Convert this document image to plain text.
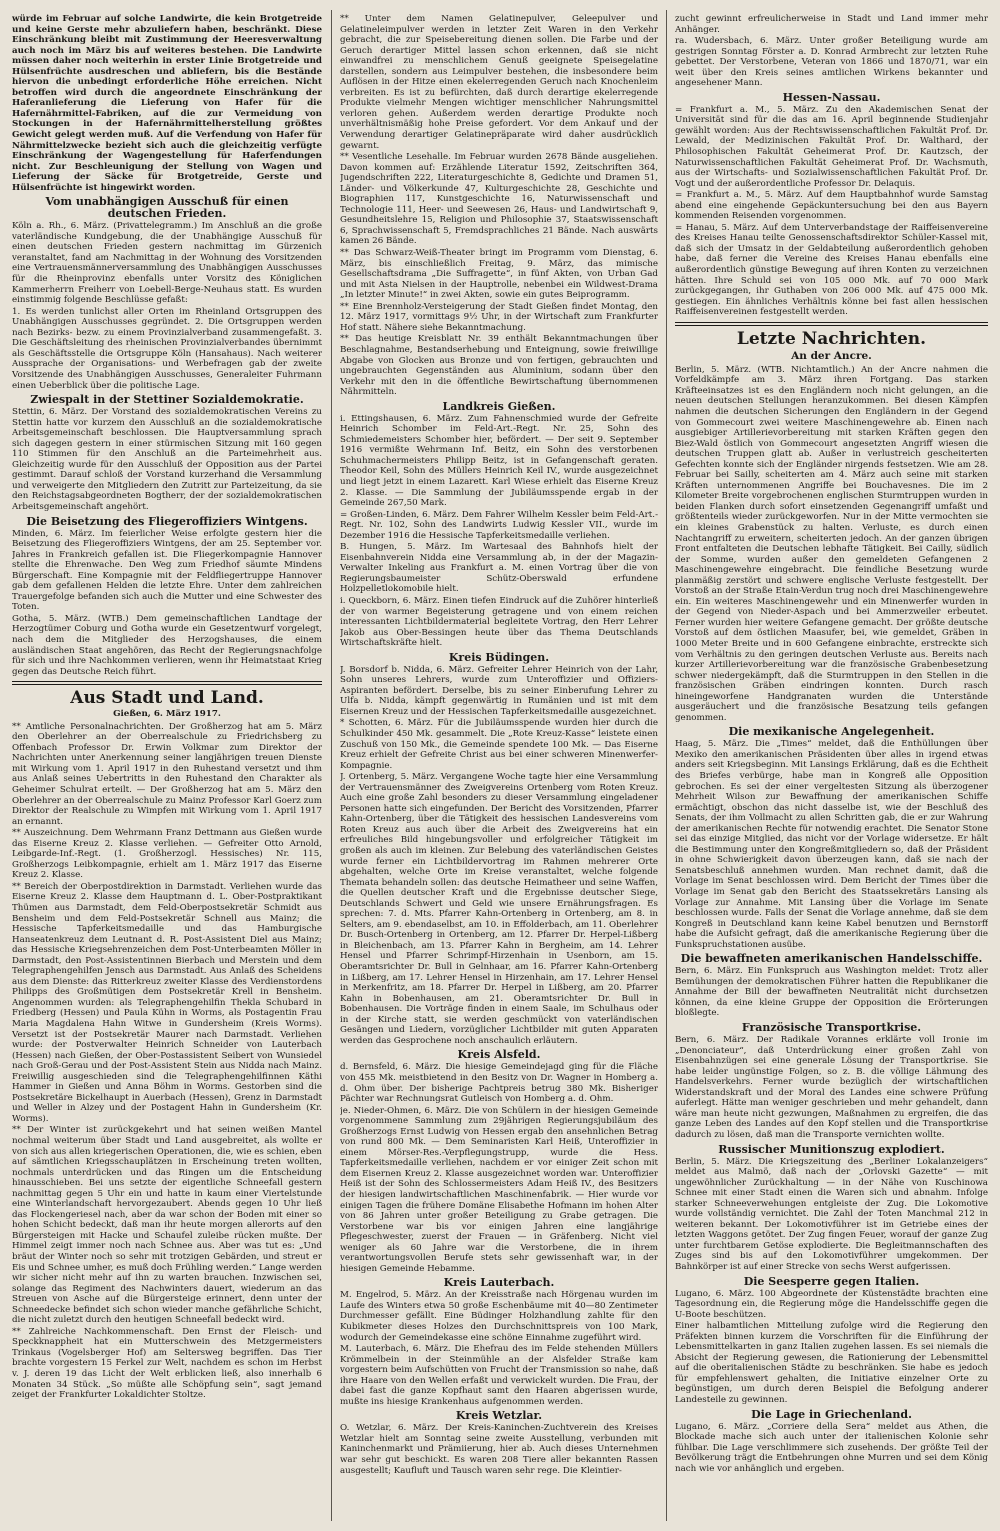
würde im Februar auf solche Landwirte, die kein Brotgetreide und keine Gerste mehr abzuliefern haben, beschränkt. Diese Einschränkung bleibt mit Zustimmung der Heeresverwaltung auch noch im März bis auf weiteres bestehen. Die Landwirte müssen daher noch weiterhin in erster Linie Brotgetreide und Hülsenfrüchte ausdreschen und abliefern, bis die Bestände hiervon die unbedingt erforderliche Höhe erreichen. Nicht betroffen wird durch die angeordnete Einschränkung der Haferanlieferung die Lieferung von Hafer für die Hafernährmittel-Fabriken, auf die zur Vermeidung von Stockungen in der Hafernährmittelherstellung größtes Gewicht gelegt werden muß. Auf die Verfendung von Hafer für Nährmittelzwecke bezieht sich auch die gleichzeitig verfügte Einschränkung der Wagengestellung für Haferfendungen nicht. Zur Beschleunigung der Stellung von Wagen und Lieferung der Säcke für Brotgetreide, Gerste und Hülsenfrüchte ist hingewirkt worden.

Vom unabhängigen Ausschuß für einen deutschen Frieden.

Köln a. Rh., 6. März. (Privattelegramm.) Im Anschluß an die große vaterländische Kundgebung, die der Unabhängige Ausschuß für einen deutschen Frieden gestern nachmittag im Gürzenich veranstaltet, fand am Nachmittag in der Wohnung des Vorsitzenden eine Vertrauensmännerversammlung des Unabhängigen Ausschusses für die Rheinprovinz ebenfalls unter Vorsitz des Königlichen Kammerherrn Freiherr von Loebell-Berge-Neuhaus statt. Es wurden einstimmig folgende Beschlüsse gefaßt:

1. Es werden tunlichst aller Orten im Rheinland Ortsgruppen des Unabhängigen Ausschusses gegründet. 2. Die Ortsgruppen werden nach Bezirks- bezw. zu einem Provinzialverband zusammengefaßt. 3. Die Geschäftsleitung des rheinischen Provinzialverbandes übernimmt als Geschäftsstelle die Ortsgruppe Köln (Hansahaus). Nach weiterer Aussprache der Organisations- und Werbefragen gab der zweite Vorsitzende des Unabhängigen Ausschusses, Generaleiter Fuhrmann einen Ueberblick über die politische Lage.

Zwiespalt in der Stettiner Sozialdemokratie.

Stettin, 6. März. Der Vorstand des sozialdemokratischen Vereins zu Stettin hatte vor kurzem den Ausschluß an die sozialdemokratische Arbeitsgemeinschaft beschlossen. Die Hauptversammlung sprach sich dagegen gestern in einer stürmischen Sitzung mit 160 gegen 110 Stimmen für den Anschluß an die Parteimehrheit aus. Gleichzeitig wurde für den Ausschluß der Opposition aus der Partei gestimmt. Darauf schloß der Vorstand kurzerhand die Versammlung und verweigerte den Mitgliedern den Zutritt zur Parteizeitung, da sie den Reichstagsabgeordneten Bogtherr, der der sozialdemokratischen Arbeitsgemeinschaft angehört.

Die Beisetzung des Fliegeroffiziers Wintgens.

Minden, 6. März. Im feierlicher Weise erfolgte gestern hier die Beisetzung des Fliegeroffiziers Wintgens, der am 25. September vor. Jahres in Frankreich gefallen ist. Die Fliegerkompagnie Hannover stellte die Ehrenwache. Den Weg zum Friedhof säumte Mindens Bürgerschaft. Eine Kompagnie mit der Feldfliegertruppe Hannover gab dem gefallenen Helden die letzte Ehre. Unter dem zahlreichen Trauergefolge befanden sich auch die Mutter und eine Schwester des Toten.

Gotha, 5. März. (WTB.) Dem gemeinschaftlichen Landtage der Herzogtümer Coburg und Gotha wurde ein Gesetzentwurf vorgelegt, nach dem die Mitglieder des Herzogshauses, die einem ausländischen Staat angehören, das Recht der Regierungsnachfolge für sich und ihre Nachkommen verlieren, wenn ihr Heimatstaat Krieg gegen das Deutsche Reich führt.

Aus Stadt und Land.
Gießen, 6. März 1917.

** Amtliche Personalnachrichten. Der Großherzog hat am 5. März den Oberlehrer an der Oberrealschule zu Friedrichsberg zu Offenbach Professor Dr. Erwin Volkmar zum Direktor der Nachrichten unter Anerkennung seiner langjährigen treuen Dienste mit Wirkung vom 1. April 1917 in den Ruhestand versetzt und ihm aus Anlaß seines Uebertritts in den Ruhestand den Charakter als Geheimer Schulrat erteilt. — Der Großherzog hat am 5. März den Oberlehrer an der Oberrealschule zu Mainz Professor Karl Goerz zum Direktor der Realschule zu Wimpfen mit Wirkung vom 1. April 1917 an ernannt.

** Auszeichnung. Dem Wehrmann Franz Dettmann aus Gießen wurde das Eiserne Kreuz 2. Klasse verliehen. — Gefreiter Otto Arnold, Leibgarde-Inf.-Regt. (1. Großherzogl. Hessisches) Nr. 115, Großherzogs Leibkompagnie, erhielt am 1. März 1917 das Eiserne Kreuz 2. Klasse.

** Bereich der Oberpostdirektion in Darmstadt. Verliehen wurde das Eiserne Kreuz 2. Klasse dem Hauptmann d. L. Ober-Postpraktikant Thümen aus Darmstadt, dem Feld-Oberpostsekretär Schmidt aus Bensheim und dem Feld-Postsekretär Schnell aus Mainz; die Hessische Tapferkeitsmedaille und das Hamburgische Hanseatenkreuz dem Leutnant d. R. Post-Assistent Diel aus Mainz; das Hessische Kriegsehrenzeichen dem Post-Unterbeamten Möller in Darmstadt, den Post-Assistentinnen Bierbach und Merstein und dem Telegraphengehilfen Jensch aus Darmstadt. Aus Anlaß des Scheidens aus dem Dienste: das Ritterkreuz zweiter Klasse des Verdienstordens Philipps des Großmütigen dem Postsekretär Krell in Bensheim. Angenommen wurden: als Telegraphengehilfin Thekla Schubard in Friedberg (Hessen) und Paula Kühn in Worms, als Postagentin Frau Maria Magdalena Hahn Witwe in Gundersheim (Kreis Worms). Versetzt ist der Postsekretär Maurer nach Darmstadt. Verliehen wurde: der Postverwalter Heinrich Schneider von Lauterbach (Hessen) nach Gießen, der Ober-Postassistent Seibert von Wunsiedel nach Groß-Gerau und der Post-Assistent Stein aus Nidda nach Mainz. Freiwillig ausgeschieden sind die Telegraphengehilfinnen Käthi Hammer in Gießen und Anna Böhm in Worms. Gestorben sind die Postsekretäre Bickelhaupt in Auerbach (Hessen), Grenz in Darmstadt und Weller in Alzey und der Postagent Hahn in Gundersheim (Kr. Worms).

** Der Winter ist zurückgekehrt und hat seinen weißen Mantel nochmal weiterum über Stadt und Land ausgebreitet, als wollte er von sich aus allen kriegerischen Operationen, die, wie es schien, eben auf sämtlichen Kriegsschauplätzen in Erscheinung treten wollten, nochmals unterdrücken und das Ringen um die Entscheidung hinausschieben. Bei uns setzte der eigentliche Schneefall gestern nachmittag gegen 5 Uhr ein und hatte in kaum einer Viertelstunde eine Winterlandschaft hervorgezaubert. Abends gegen 10 Uhr ließ das Flockengeriesel nach, aber da war schon der Boden mit einer so hohen Schicht bedeckt, daß man ihr heute morgen allerorts auf den Bürgersteigen mit Hacke und Schaufel zuleibe rücken mußte. Der Himmel zeigt immer noch nach Schnee aus. Aber was tut es: „Und bräut der Winter noch so sehr mit trotzigen Gebärden, und streut er Eis und Schnee umher, es muß doch Frühling werden.“ Lange werden wir sicher nicht mehr auf ihn zu warten brauchen. Inzwischen sei, solange das Regiment des Nachwinters dauert, wiederum an das Streuen von Asche auf die Bürgersteige erinnert, denn unter der Schneedecke befindet sich schon wieder manche gefährliche Schicht, die nicht zuletzt durch den heutigen Schneefall bedeckt wird.

** Zahlreiche Nachkommenschaft. Den Ernst der Fleisch- und Speckknappheit hat ein Mutterschwein des Metzgermeisters Trinkaus (Vogelsberger Hof) am Seltersweg begriffen. Das Tier brachte vorgestern 15 Ferkel zur Welt, nachdem es schon im Herbst v. J. deren 19 das Licht der Welt erblicken ließ, also innerhalb 6 Monaten 34 Stück. „So müßte alle Schöpfung sein“, sagt jemand zeiget der Frankfurter Lokaldichter Stoltze.

** Unter dem Namen Gelatinepulver, Geleepulver und Gelatineleimpulver werden in letzter Zeit Waren in den Verkehr gebracht, die zur Speisebereitung dienen sollen. Die Farbe und der Geruch derartiger Mittel lassen schon erkennen, daß sie nicht einwandfrei zu menschlichem Genuß geeignete Speisegelatine darstellen, sondern aus Leimpulver bestehen, die insbesondere beim Auflösen in der Hitze einen ekelerregenden Geruch nach Knochenleim verbreiten. Es ist zu befürchten, daß durch derartige ekelerregende Produkte vielmehr Mengen wichtiger menschlicher Nahrungsmittel verloren gehen. Außerdem werden derartige Produkte noch unverhältnismäßig hohe Preise gefordert. Vor dem Ankauf und der Verwendung derartiger Gelatinepräparate wird daher ausdrücklich gewarnt.

** Vesentliche Lesehalle. Im Februar wurden 2678 Bände ausgeliehen. Davon kommen auf: Erzählende Literatur 1592, Zeitschriften 364, Jugendschriften 222, Literaturgeschichte 8, Gedichte und Dramen 51, Länder- und Völkerkunde 47, Kulturgeschichte 28, Geschichte und Biographien 117, Kunstgeschichte 16, Naturwissenschaft und Technologie 111, Heer- und Seewesen 26, Haus- und Landwirtschaft 9, Gesundheitslehre 15, Religion und Philosophie 37, Staatswissenschaft 6, Sprachwissenschaft 5, Fremdsprachliches 21 Bände. Nach auswärts kamen 26 Bände.

** Das Schwarz-Weiß-Theater bringt im Programm vom Dienstag, 6. März, bis einschließlich Freitag, 9. März, das mimische Gesellschaftsdrama „Die Suffragette“, in fünf Akten, von Urban Gad und mit Asta Nielsen in der Hauptrolle, nebenbei ein Wildwest-Drama „In letzter Minute!“ in zwei Akten, sowie ein gutes Beiprogramm.

** Eine Brennholz-Versteigerung der Stadt Gießen findet Montag, den 12. März 1917, vormittags 9½ Uhr, in der Wirtschaft zum Frankfurter Hof statt. Nähere siehe Bekanntmachung.

** Das heutige Kreisblatt Nr. 39 enthält Bekanntmachungen über Beschlagnahme, Bestandserhebung und Enteignung, sowie freiwillige Abgabe von Glocken aus Bronze und von fertigen, gebrauchten und ungebrauchten Gegenständen aus Aluminium, sodann über den Verkehr mit den in die öffentliche Bewirtschaftung übernommenen Nährmitteln.

Landkreis Gießen.

i. Ettingshausen, 6. März. Zum Fahnenschmied wurde der Gefreite Heinrich Schomber im Feld-Art.-Regt. Nr. 25, Sohn des Schmiedemeisters Schomber hier, befördert. — Der seit 9. September 1916 vermißte Wehrmann Inf. Beitz, ein Sohn des verstorbenen Schuhmachermeisters Philipp Beitz, ist in Gefangenschaft geraten. Theodor Keil, Sohn des Müllers Heinrich Keil IV., wurde ausgezeichnet und liegt jetzt in einem Lazarett. Karl Wiese erhielt das Eiserne Kreuz 2. Klasse. — Die Sammlung der Jubiläumsspende ergab in der Gemeinde 267,50 Mark.

= Großen-Linden, 6. März. Dem Fahrer Wilhelm Kessler beim Feld-Art.-Regt. Nr. 102, Sohn des Landwirts Ludwig Kessler VII., wurde im Dezember 1916 die Hessische Tapferkeitsmedaille verliehen.

B. Hungen, 5. März. Im Wartesaal des Bahnhofs hielt der Eisenbahnverein Nidda eine Versammlung ab, in der der Magazin-Verwalter Inkeling aus Frankfurt a. M. einen Vortrag über die von Regierungsbaumeister Schütz-Oberswald erfundene Holzpelletlokomobile hielt.

i. Queckborn, 6. März. Einen tiefen Eindruck auf die Zuhörer hinterließ der von warmer Begeisterung getragene und von einem reichen interessanten Lichtbildermaterial begleitete Vortrag, den Herr Lehrer Jakob aus Ober-Bessingen heute über das Thema Deutschlands Wirtschaftskräfte hielt.

Kreis Büdingen.

J. Borsdorf b. Nidda, 6. März. Gefreiter Lehrer Heinrich von der Lahr, Sohn unseres Lehrers, wurde zum Unteroffizier und Offiziers-Aspiranten befördert. Derselbe, bis zu seiner Einberufung Lehrer zu Ulfa b. Nidda, kämpft gegenwärtig in Rumänien und ist mit dem Eisernen Kreuz und der Hessischen Tapferkeitsmedaille ausgezeichnet.

* Schotten, 6. März. Für die Jubiläumsspende wurden hier durch die Schulkinder 450 Mk. gesammelt. Die „Rote Kreuz-Kasse“ leistete einen Zuschuß von 150 Mk., die Gemeinde spendete 100 Mk. — Das Eiserne Kreuz erhielt der Gefreite Christ aus bei einer schweren Minenwerfer-Kompagnie.

J. Ortenberg, 5. März. Vergangene Woche tagte hier eine Versammlung der Vertrauensmänner des Zweigvereins Ortenberg vom Roten Kreuz. Auch eine große Zahl besonders zu dieser Versammlung eingeladener Personen hatte sich eingefunden. Der Bericht des Vorsitzenden, Pfarrer Kahn-Ortenberg, über die Tätigkeit des hessischen Landesvereins vom Roten Kreuz aus auch über die Arbeit des Zweigvereins hat ein erfreuliches Bild hingebungsvoller und erfolgreicher Tätigkeit im großen als auch im kleinen. Zur Belebung des vaterländischen Geistes wurde ferner ein Lichtbildervortrag im Rahmen mehrerer Orte abgehalten, welche Orte im Kreise veranstaltet, welche folgende Themata behandeln sollen: das deutsche Heimatheer und seine Waffen, die Quellen deutscher Kraft und die Ergebnisse deutscher Siege, Deutschlands Schwert und Geld wie unsere Ernährungsfragen. Es sprechen: 7. d. Mts. Pfarrer Kahn-Ortenberg in Ortenberg, am 8. in Selters, am 9. ebendaselbst, am 10. in Effolderbach, am 11. Oberlehrer Dr. Busch-Ortenberg in Ortenberg, am 12. Pfarrer Dr. Herpel-Lißberg in Bleichenbach, am 13. Pfarrer Kahn in Bergheim, am 14. Lehrer Hensel und Pfarrer Schrimpf-Hirzenhain in Usenborn, am 15. Oberamtsrichter Dr. Bull in Gelnhaar, am 16. Pfarrer Kahn-Ortenberg in Lißberg, am 17. Lehrer Hensel in Hirzenhain, am 17. Lehrer Hensel in Merkenfritz, am 18. Pfarrer Dr. Herpel in Lißberg, am 20. Pfarrer Kahn in Bobenhausen, am 21. Oberamtsrichter Dr. Bull in Bobenhausen. Die Vorträge finden in einem Saale, im Schulhaus oder in der Kirche statt, sie werden geschmückt von vaterländischen Gesängen und Liedern, vorzüglicher Lichtbilder mit guten Apparaten werden das Gesprochene noch anschaulich erläutern.

Kreis Alsfeld.

d. Bernsfeld, 6. März. Die hiesige Gemeindejagd ging für die Fläche von 455 Mk. meistbietend in den Besitz von Dr. Wagner in Homberg a. d. Ohm über. Der bisherige Pachtpreis betrug 380 Mk. Bisheriger Pächter war Rechnungsrat Gutleisch von Homberg a. d. Ohm.

je. Nieder-Ohmen, 6. März. Die von Schülern in der hiesigen Gemeinde vorgenommene Sammlung zum 29jährigen Regierungsjubiläum des Großherzogs Ernst Ludwig von Hessen ergab den ansehnlichen Betrag von rund 800 Mk. — Dem Seminaristen Karl Heiß, Unteroffizier in einem Mörser-Res.-Verpflegungstrupp, wurde die Hess. Tapferkeitsmedaille verliehen, nachdem er vor einiger Zeit schon mit dem Eisernen Kreuz 2. Klasse ausgezeichnet worden war. Unteroffizier Heiß ist der Sohn des Schlossermeisters Adam Heiß IV., des Besitzers der hiesigen landwirtschaftlichen Maschinenfabrik. — Hier wurde vor einigen Tagen die frühere Domäne Elisabethe Hofmann im hohen Alter von 86 Jahren unter großer Beteiligung zu Grabe getragen. Die Verstorbene war bis vor einigen Jahren eine langjährige Pflegeschwester, zuerst der Frauen — in Gräfenberg. Nicht viel weniger als 60 Jahre war die Verstorbene, die in ihrem verantwortungsvollen Berufe stets sehr gewissenhaft war, in der hiesigen Gemeinde Hebamme.

Kreis Lauterbach.

M. Engelrod, 5. März. An der Kreisstraße nach Hörgenau wurden im Laufe des Winters etwa 50 große Eschenbäume mit 40—80 Zentimeter Durchmesser gefällt. Eine Büdinger Holzhandlung zahlte für den Kubikmeter dieses Holzes den Durchschnittspreis von 100 Mark, wodurch der Gemeindekasse eine schöne Einnahme zugeführt wird.

M. Lauterbach, 6. März. Die Ehefrau des im Felde stehenden Müllers Krömmelbein in der Steinmühle an der Alsfelder Straße kam vorgestern beim Aufschütten von Frucht der Transmission so nahe, daß ihre Haare von den Wellen erfaßt und verwickelt wurden. Die Frau, der dabei fast die ganze Kopfhaut samt den Haaren abgerissen wurde, mußte ins hiesige Krankenhaus aufgenommen werden.

Kreis Wetzlar.

O. Wetzlar, 6. März. Der Kreis-Kaninchen-Zuchtverein des Kreises Wetzlar hielt am Sonntag seine zweite Ausstellung, verbunden mit Kaninchenmarkt und Prämiierung, hier ab. Auch dieses Unternehmen war sehr gut beschickt. Es waren 208 Tiere aller bekannten Rassen ausgestellt; Kaufluft und Tausch waren sehr rege. Die Kleintier-

zucht gewinnt erfreulicherweise in Stadt und Land immer mehr Anhänger.

ra. Wudersbach, 6. März. Unter großer Beteiligung wurde am gestrigen Sonntag Förster a. D. Konrad Armbrecht zur letzten Ruhe gebettet. Der Verstorbene, Veteran von 1866 und 1870/71, war ein weit über den Kreis seines amtlichen Wirkens bekannter und angesehener Mann.

Hessen-Nassau.

= Frankfurt a. M., 5. März. Zu den Akademischen Senat der Universität sind für die das am 16. April beginnende Studienjahr gewählt worden: Aus der Rechtswissenschaftlichen Fakultät Prof. Dr. Lewald, der Medizinischen Fakultät Prof. Dr. Walthard, der Philosophischen Fakultät Geheimerat Prof. Dr. Kautzsch, der Naturwissenschaftlichen Fakultät Geheimerat Prof. Dr. Wachsmuth, aus der Wirtschafts- und Sozialwissenschaftlichen Fakultät Prof. Dr. Vogt und der außerordentliche Professor Dr. Delaquis.

= Frankfurt a. M., 5. März. Auf dem Hauptbahnhof wurde Samstag abend eine eingehende Gepäckuntersuchung bei den aus Bayern kommenden Reisenden vorgenommen.

= Hanau, 5. März. Auf dem Unterverbandstage der Raiffeisenvereine des Kreises Hanau teilte Genossenschaftsdirektor Schüler-Kassel mit, daß sich der Umsatz in der Geldabteilung außerordentlich gehoben habe, daß ferner die Vereine des Kreises Hanau ebenfalls eine außerordentlich günstige Bewegung auf ihren Konten zu verzeichnen hätten. Ihre Schuld sei von 105 000 Mk. auf 70 000 Mark zurückgegangen, ihr Guthaben von 206 000 Mk. auf 475 000 Mk. gestiegen. Ein ähnliches Verhältnis könne bei fast allen hessischen Raiffeisenvereinen festgestellt werden.

Letzte Nachrichten.
An der Ancre.

Berlin, 5. März. (WTB. Nichtamtlich.) An der Ancre nahmen die Vorfeldkämpfe am 3. März ihren Fortgang. Das starken Kräfteeinsatzes ist es den Engländern noch nicht gelungen, an die neuen deutschen Stellungen heranzukommen. Bei diesen Kämpfen nahmen die deutschen Sicherungen den Engländern in der Gegend von Gommecourt zwei weitere Maschinengewehre ab. Einen nach ausgiebiger Artillerievorbereitung mit starken Kräften gegen den Biez-Wald östlich von Gommecourt angesetzten Angriff wiesen die deutschen Truppen glatt ab. Außer in verlustreich gescheiterten Gefechten konnte sich der Engländer nirgends festsetzen. Wie am 28. Februar bei Sailly, scheiterten am 4. März auch seine mit starken Kräften unternommenen Angriffe bei Bouchavesnes. Die im 2 Kilometer Breite vorgebrochenen englischen Sturmtruppen wurden in beiden Flanken durch sofort einsetzenden Gegenangriff umfaßt und größtenteils wieder zurückgeworfen. Nur in der Mitte vermochten sie ein kleines Grabenstück zu halten. Verluste, es durch einen Nachtangriff zu erweitern, scheiterten jedoch. An der ganzen übrigen Front entfalteten die Deutschen lebhafte Tätigkeit. Bei Cailly, südlich der Somme, wurden außer den gemeldeten Gefangenen 2 Maschinengewehre eingebracht. Die feindliche Besetzung wurde planmäßig zerstört und schwere englische Verluste festgestellt. Der Vorstoß an der Straße Etain-Verdun trug noch drei Maschinengewehre ein. Ein weiteres Maschinengewehr und ein Minenwerfer wurden in der Gegend von Nieder-Aspach und bei Ammerzweiler erbeutet. Ferner wurden hier weitere Gefangene gemacht. Der größte deutsche Vorstoß auf dem östlichen Maasufer, bei, wie gemeldet, Gräben in 1000 Meter Breite und in 600 Gefangene einbrachte, erstreckte sich vom Verhältnis zu den geringen deutschen Verluste aus. Bereits nach kurzer Artillerievorbereitung war die französische Grabenbesetzung schwer niedergekämpft, daß die Sturmtruppen in den Stellen in die französischen Gräben eindringen konnten. Durch rasch hineingeworfene Handgranaten wurden die Unterstände ausgeräuchert und die französische Besatzung teils gefangen genommen.

Die mexikanische Angelegenheit.

Haag, 5. März. Die „Times“ meldet, daß die Enthüllungen über Mexiko den amerikanischen Präsidenten über alles in irgend etwas anders seit Kriegsbeginn. Mit Lansings Erklärung, daß es die Echtheit des Briefes verbürge, habe man in Kongreß alle Opposition gebrochen. Es sei der einer vergeltesten Sitzung als überzogener Mehrheit Wilson zur Bewaffnung der amerikanischen Schiffe ermächtigt, obschon das nicht dasselbe ist, wie der Beschluß des Senats, der ihm Vollmacht zu allen Schritten gab, die er zur Wahrung der amerikanischen Rechte für notwendig erachtet. Die Senator Stone sei das einzige Mitglied, das nicht vor der Vorlage widersetze. Er hält die Bestimmung unter den Kongreßmitgliedern so, daß der Präsident in ohne Schwierigkeit davon überzeugen kann, daß sie nach der Senatsbeschluß annehmen wurden. Man rechnet damit, daß die Vorlage im Senat beschlossen wird. Dem Bericht der Times über die Vorlage im Senat gab den Bericht des Staatssekretärs Lansing als Vorlage zur Annahme. Mit Lansing über die Vorlage im Senate beschlossen wurde. Falls der Senat die Vorlage annehme, daß sie dem Kongreß in Deutschland kann keine Kabel benutzen und Bernstorff habe die Aufsicht gefragt, daß die amerikanische Regierung über die Funkspruchstationen ausübe.

Die bewaffneten amerikanischen Handelsschiffe.

Bern, 6. März. Ein Funkspruch aus Washington meldet: Trotz aller Bemühungen der demokratischen Führer hatten die Republikaner die Annahme der Bill der bewaffneten Neutralität nicht durchsetzen können, da eine kleine Gruppe der Opposition die Erörterungen bloßlegte.

Französische Transportkrise.

Bern, 6. März. Der Radikale Vorannes erklärte voll Ironie im „Denonciateur“, daß Unterdrückung einer großen Zahl von Eisenbahnzügen sei eine generale Lösung der Transportkrise. Sie habe leider ungünstige Folgen, so z. B. die völlige Lähmung des Handelsverkehrs. Ferner wurde bezüglich der wirtschaftlichen Widerstandskraft und der Moral des Landes eine schwere Prüfung auferlegt. Hätte man weniger geschrieben und mehr gehandelt, dann wäre man heute nicht gezwungen, Maßnahmen zu ergreifen, die das ganze Leben des Landes auf den Kopf stellen und die Transportkrise dadurch zu lösen, daß man die Transporte vernichten wollte.

Russischer Munitionszug explodiert.

Berlin, 5. März. Die Kriegszeitung des „Berliner Lokalanzeigers“ meldet aus Malmö, daß nach der „Orlovski Gazette“ — mit ungewöhnlicher Zurückhaltung — in der Nähe von Kuschinowa Schnee mit einer Stadt einen die Waren sich und abnahm. Infolge starker Schneeverwehungen entgleiste der Zug. Die Lokomotive wurde vollständig vernichtet. Die Zahl der Toten Manchmal 212 in weiteren bekannt. Der Lokomotivführer ist im Getriebe eines der letzten Waggons getötet. Der Zug fingen Feuer, worauf der ganze Zug unter furchtbarem Getöse explodierte. Die Begleitmannschaften des Zuges sind bis auf den Lokomotivführer umgekommen. Der Bahnkörper ist auf einer Strecke von sechs Werst aufgerissen.

Die Seesperre gegen Italien.

Lugano, 6. März. 100 Abgeordnete der Küstenstädte brachten eine Tagesordnung ein, die Regierung möge die Handelsschiffe gegen die U-Boote beschützen.

Einer halbamtlichen Mitteilung zufolge wird die Regierung den Präfekten binnen kurzem die Vorschriften für die Einführung der Lebensmittelkarten in ganz Italien zugehen lassen. Es sei niemals die Absicht der Regierung gewesen, die Rationierung der Lebensmittel auf die oberitalienischen Städte zu beschränken. Sie habe es jedoch für empfehlenswert gehalten, die Initiative einzelner Orte zu begünstigen, um durch deren Beispiel die Befolgung anderer Landesteile zu gewinnen.

Die Lage in Griechenland.

Lugano, 6. März. „Corriere della Sera“ meldet aus Athen, die Blockade mache sich auch unter der italienischen Kolonie sehr fühlbar. Die Lage verschlimmere sich zusehends. Der größte Teil der Bevölkerung trägt die Entbehrungen ohne Murren und sei dem König nach wie vor anhänglich und ergeben.
